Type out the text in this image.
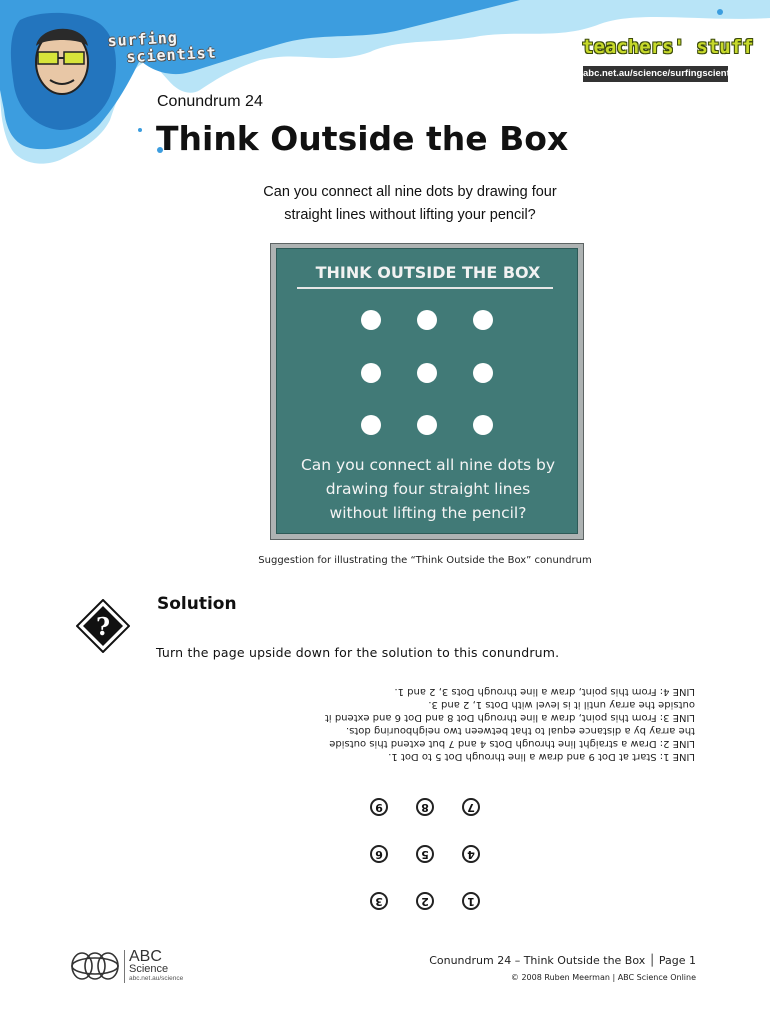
surfing
scientist	teachers' stuff
abc.net.au/science/surfingscientist
Conundrum 24
Think Outside the Box
Can you connect all nine dots by drawing four
straight lines without lifting your pencil?
THINK OUTSIDE THE BOX
Can you connect all nine dots by
drawing four straight lines
without lifting the pencil?
Suggestion for illustrating the “Think Outside the Box” conundrum
?
Solution
Turn the page upside down for the solution to this conundrum.
LINE 1: Start at Dot 9 and draw a line through Dot 5 to Dot 1.
LINE 2: Draw a straight line through Dots 4 and 7 but extend this outside
the array by a distance equal to that between two neighbouring dots.
LINE 3: From this point, draw a line through Dot 8 and Dot 6 and extend it
outside the array until it is level with Dots 1, 2 and 3.
LINE 4: From this point, draw a line through Dots 3, 2 and 1.
1
2
3
4
5
6
7
8
9
ABC
Science
abc.net.au/science
Conundrum 24 – Think Outside the Box │ Page 1
© 2008 Ruben Meerman | ABC Science Online
